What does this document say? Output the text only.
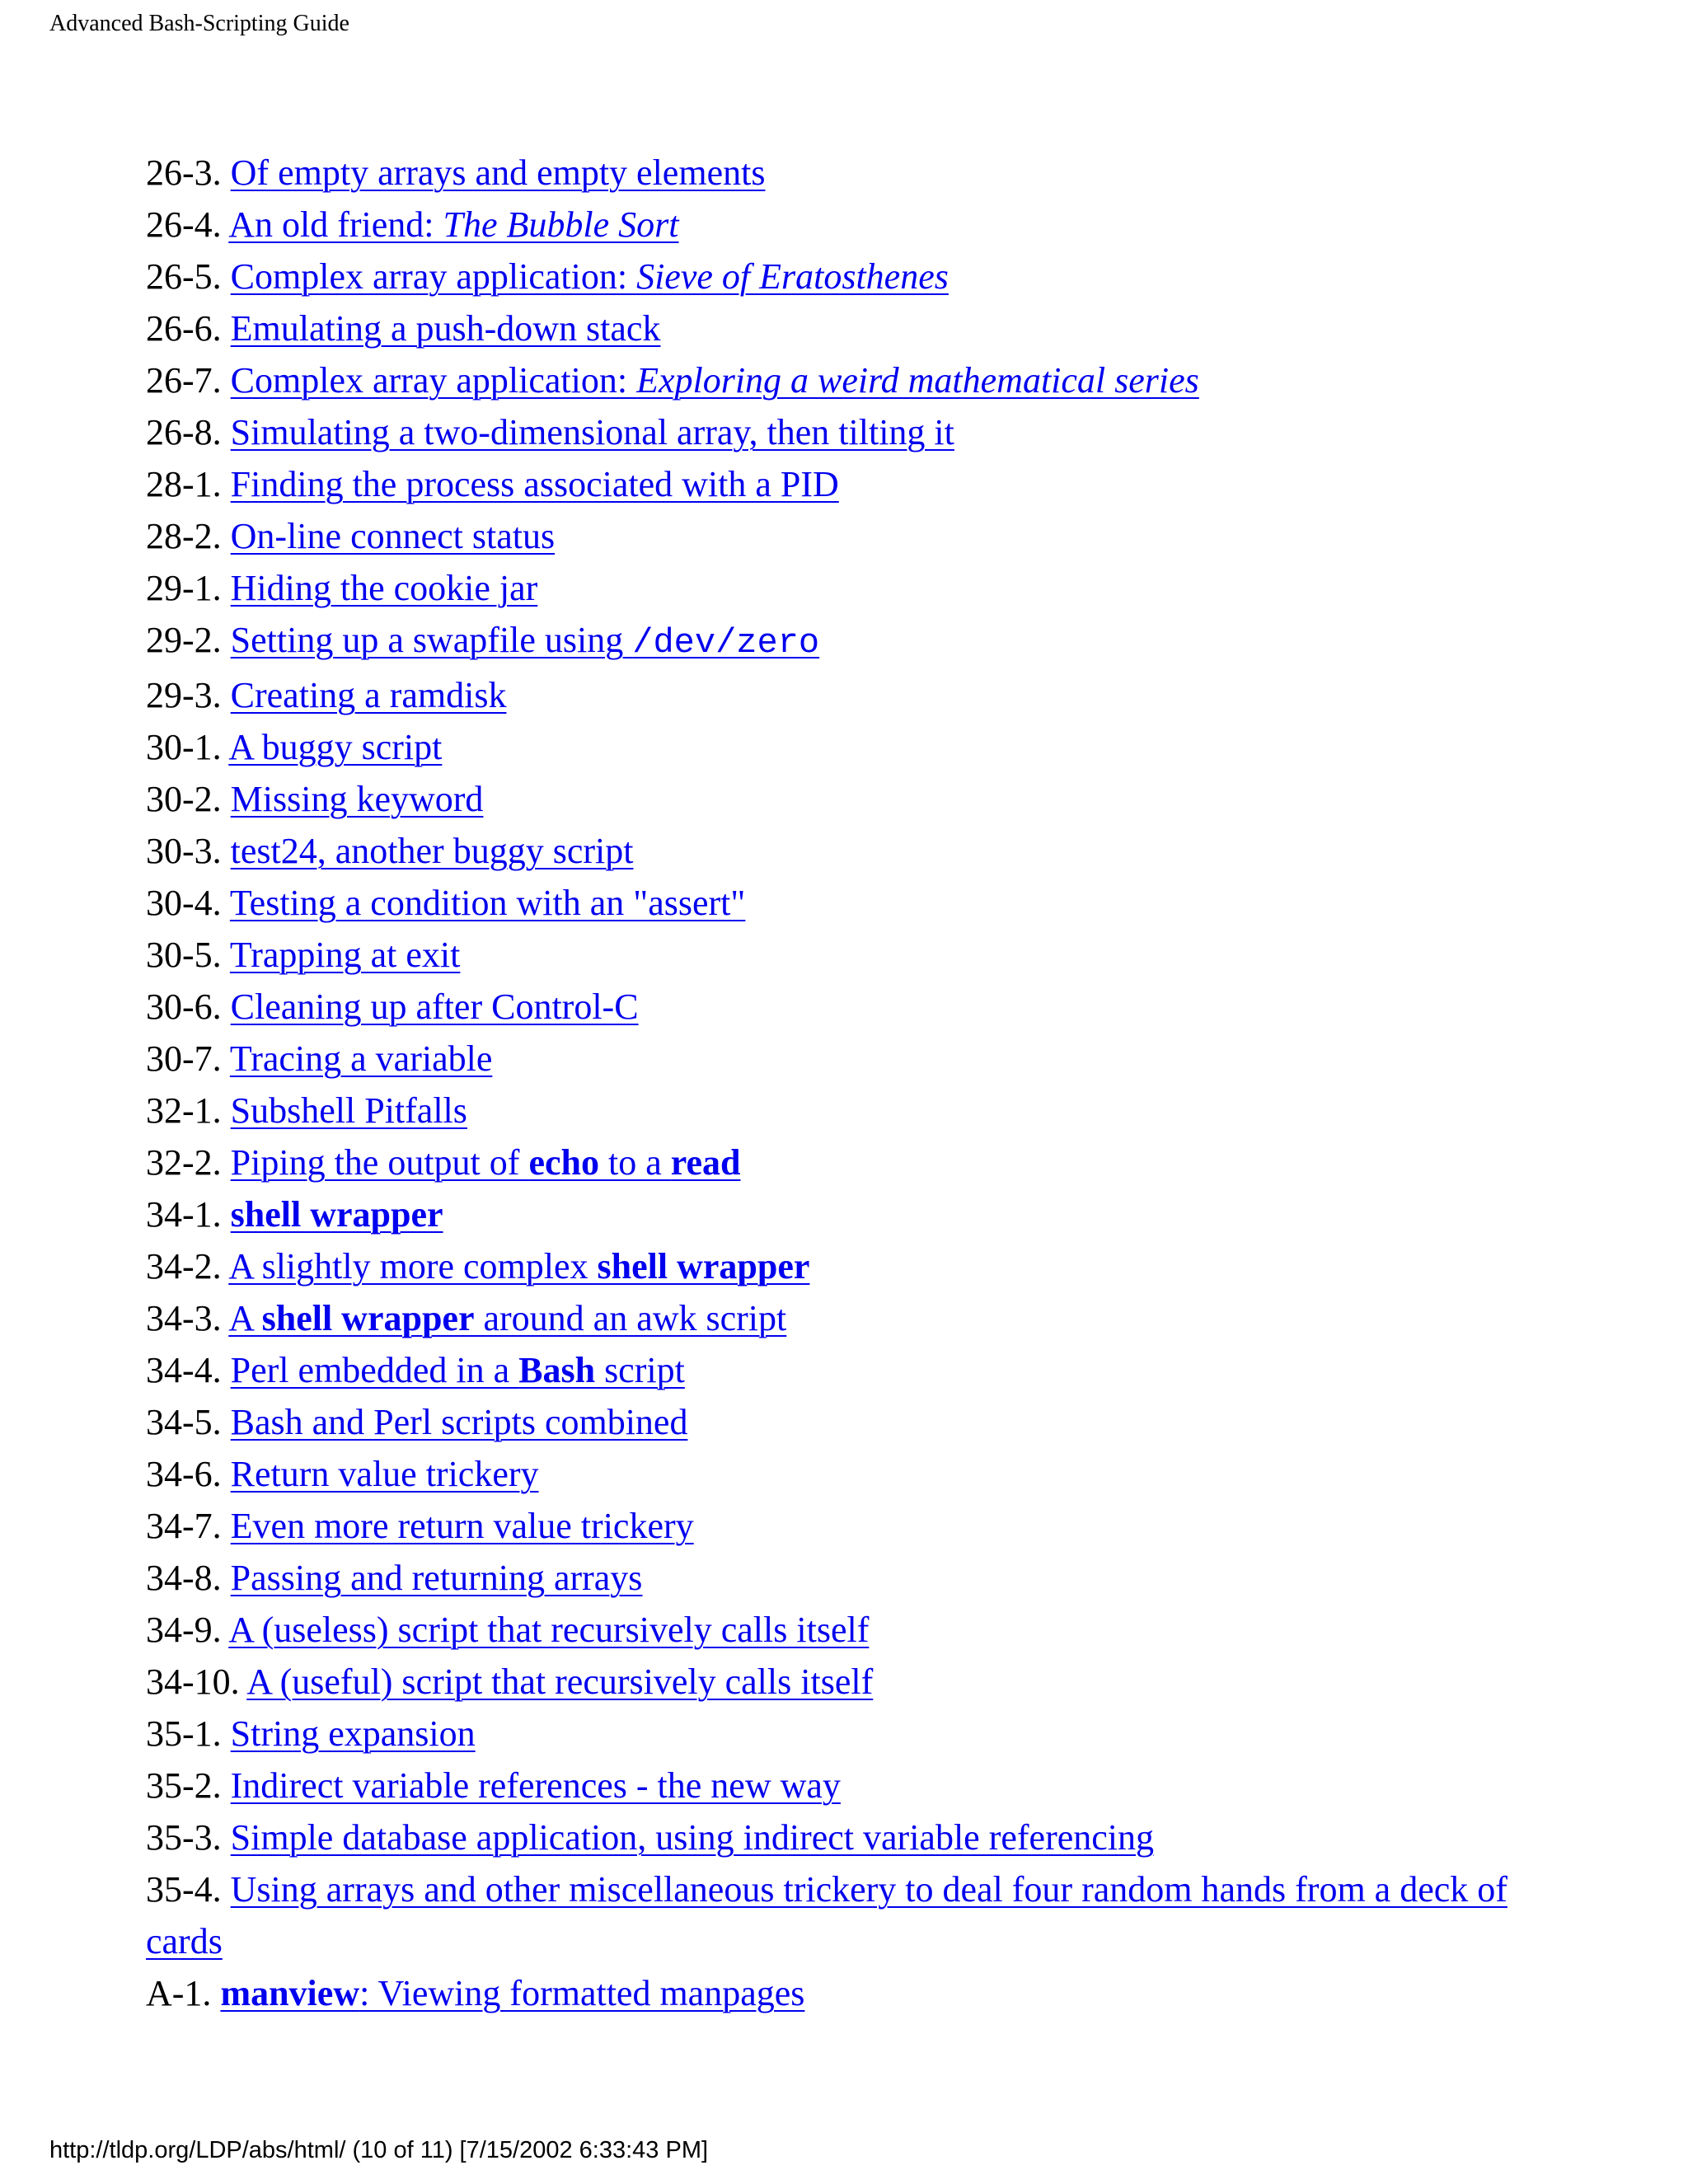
Advanced Bash-Scripting Guide
26-3. Of empty arrays and empty elements
26-4. An old friend: The Bubble Sort
26-5. Complex array application: Sieve of Eratosthenes
26-6. Emulating a push-down stack
26-7. Complex array application: Exploring a weird mathematical series
26-8. Simulating a two-dimensional array, then tilting it
28-1. Finding the process associated with a PID
28-2. On-line connect status
29-1. Hiding the cookie jar
29-2. Setting up a swapfile using /dev/zero
29-3. Creating a ramdisk
30-1. A buggy script
30-2. Missing keyword
30-3. test24, another buggy script
30-4. Testing a condition with an "assert"
30-5. Trapping at exit
30-6. Cleaning up after Control-C
30-7. Tracing a variable
32-1. Subshell Pitfalls
32-2. Piping the output of echo to a read
34-1. shell wrapper
34-2. A slightly more complex shell wrapper
34-3. A shell wrapper around an awk script
34-4. Perl embedded in a Bash script
34-5. Bash and Perl scripts combined
34-6. Return value trickery
34-7. Even more return value trickery
34-8. Passing and returning arrays
34-9. A (useless) script that recursively calls itself
34-10. A (useful) script that recursively calls itself
35-1. String expansion
35-2. Indirect variable references - the new way
35-3. Simple database application, using indirect variable referencing
35-4. Using arrays and other miscellaneous trickery to deal four random hands from a deck of cards
A-1. manview: Viewing formatted manpages
http://tldp.org/LDP/abs/html/ (10 of 11) [7/15/2002 6:33:43 PM]
